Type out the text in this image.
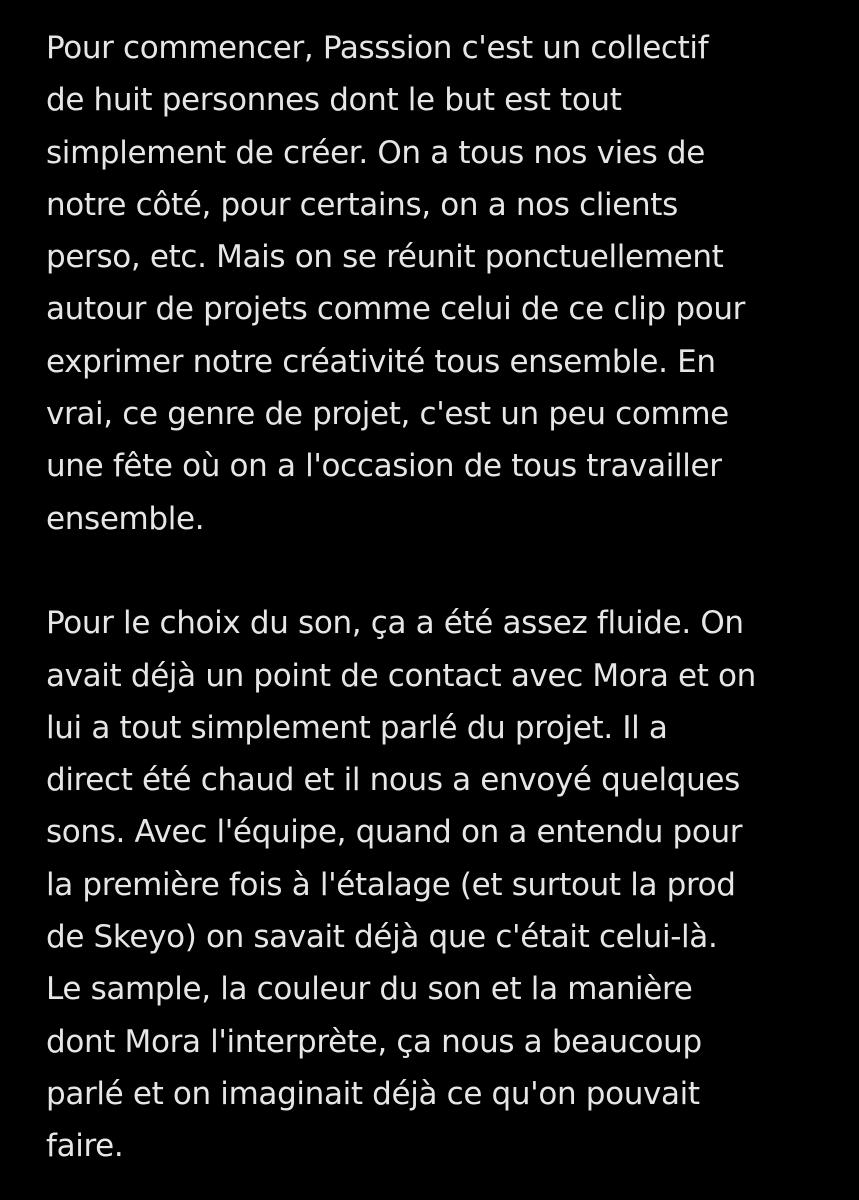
Pour commencer, Passsion c'est un collectif
de huit personnes dont le but est tout
simplement de créer. On a tous nos vies de
notre côté, pour certains, on a nos clients
perso, etc. Mais on se réunit ponctuellement
autour de projets comme celui de ce clip pour
exprimer notre créativité tous ensemble. En
vrai, ce genre de projet, c'est un peu comme
une fête où on a l'occasion de tous travailler
ensemble.
Pour le choix du son, ça a été assez fluide. On
avait déjà un point de contact avec Mora et on
lui a tout simplement parlé du projet. Il a
direct été chaud et il nous a envoyé quelques
sons. Avec l'équipe, quand on a entendu pour
la première fois à l'étalage (et surtout la prod
de Skeyo) on savait déjà que c'était celui-là.
Le sample, la couleur du son et la manière
dont Mora l'interprète, ça nous a beaucoup
parlé et on imaginait déjà ce qu'on pouvait
faire.
